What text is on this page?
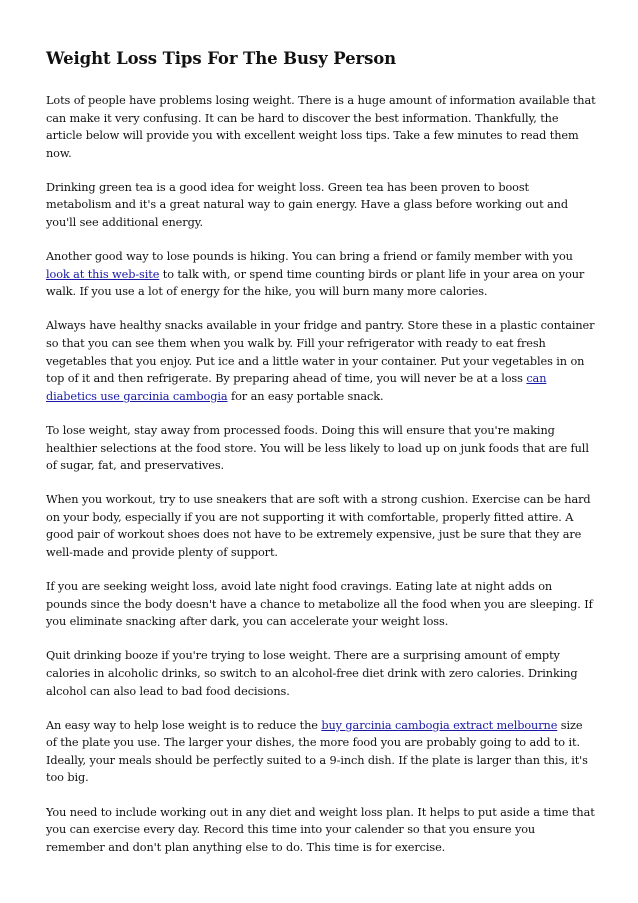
Weight Loss Tips For The Busy Person

Lots of people have problems losing weight. There is a huge amount of information available that can make it very confusing. It can be hard to discover the best information. Thankfully, the article below will provide you with excellent weight loss tips. Take a few minutes to read them now.

Drinking green tea is a good idea for weight loss. Green tea has been proven to boost metabolism and it's a great natural way to gain energy. Have a glass before working out and you'll see additional energy.

Another good way to lose pounds is hiking. You can bring a friend or family member with you look at this web-site to talk with, or spend time counting birds or plant life in your area on your walk. If you use a lot of energy for the hike, you will burn many more calories.

Always have healthy snacks available in your fridge and pantry. Store these in a plastic container so that you can see them when you walk by. Fill your refrigerator with ready to eat fresh vegetables that you enjoy. Put ice and a little water in your container. Put your vegetables in on top of it and then refrigerate. By preparing ahead of time, you will never be at a loss can diabetics use garcinia cambogia for an easy portable snack.

To lose weight, stay away from processed foods. Doing this will ensure that you're making healthier selections at the food store. You will be less likely to load up on junk foods that are full of sugar, fat, and preservatives.

When you workout, try to use sneakers that are soft with a strong cushion. Exercise can be hard on your body, especially if you are not supporting it with comfortable, properly fitted attire. A good pair of workout shoes does not have to be extremely expensive, just be sure that they are well-made and provide plenty of support.

If you are seeking weight loss, avoid late night food cravings. Eating late at night adds on pounds since the body doesn't have a chance to metabolize all the food when you are sleeping. If you eliminate snacking after dark, you can accelerate your weight loss.

Quit drinking booze if you're trying to lose weight. There are a surprising amount of empty calories in alcoholic drinks, so switch to an alcohol-free diet drink with zero calories. Drinking alcohol can also lead to bad food decisions.

An easy way to help lose weight is to reduce the buy garcinia cambogia extract melbourne size of the plate you use. The larger your dishes, the more food you are probably going to add to it. Ideally, your meals should be perfectly suited to a 9-inch dish. If the plate is larger than this, it's too big.

You need to include working out in any diet and weight loss plan. It helps to put aside a time that you can exercise every day. Record this time into your calender so that you ensure you remember and don't plan anything else to do. This time is for exercise.
